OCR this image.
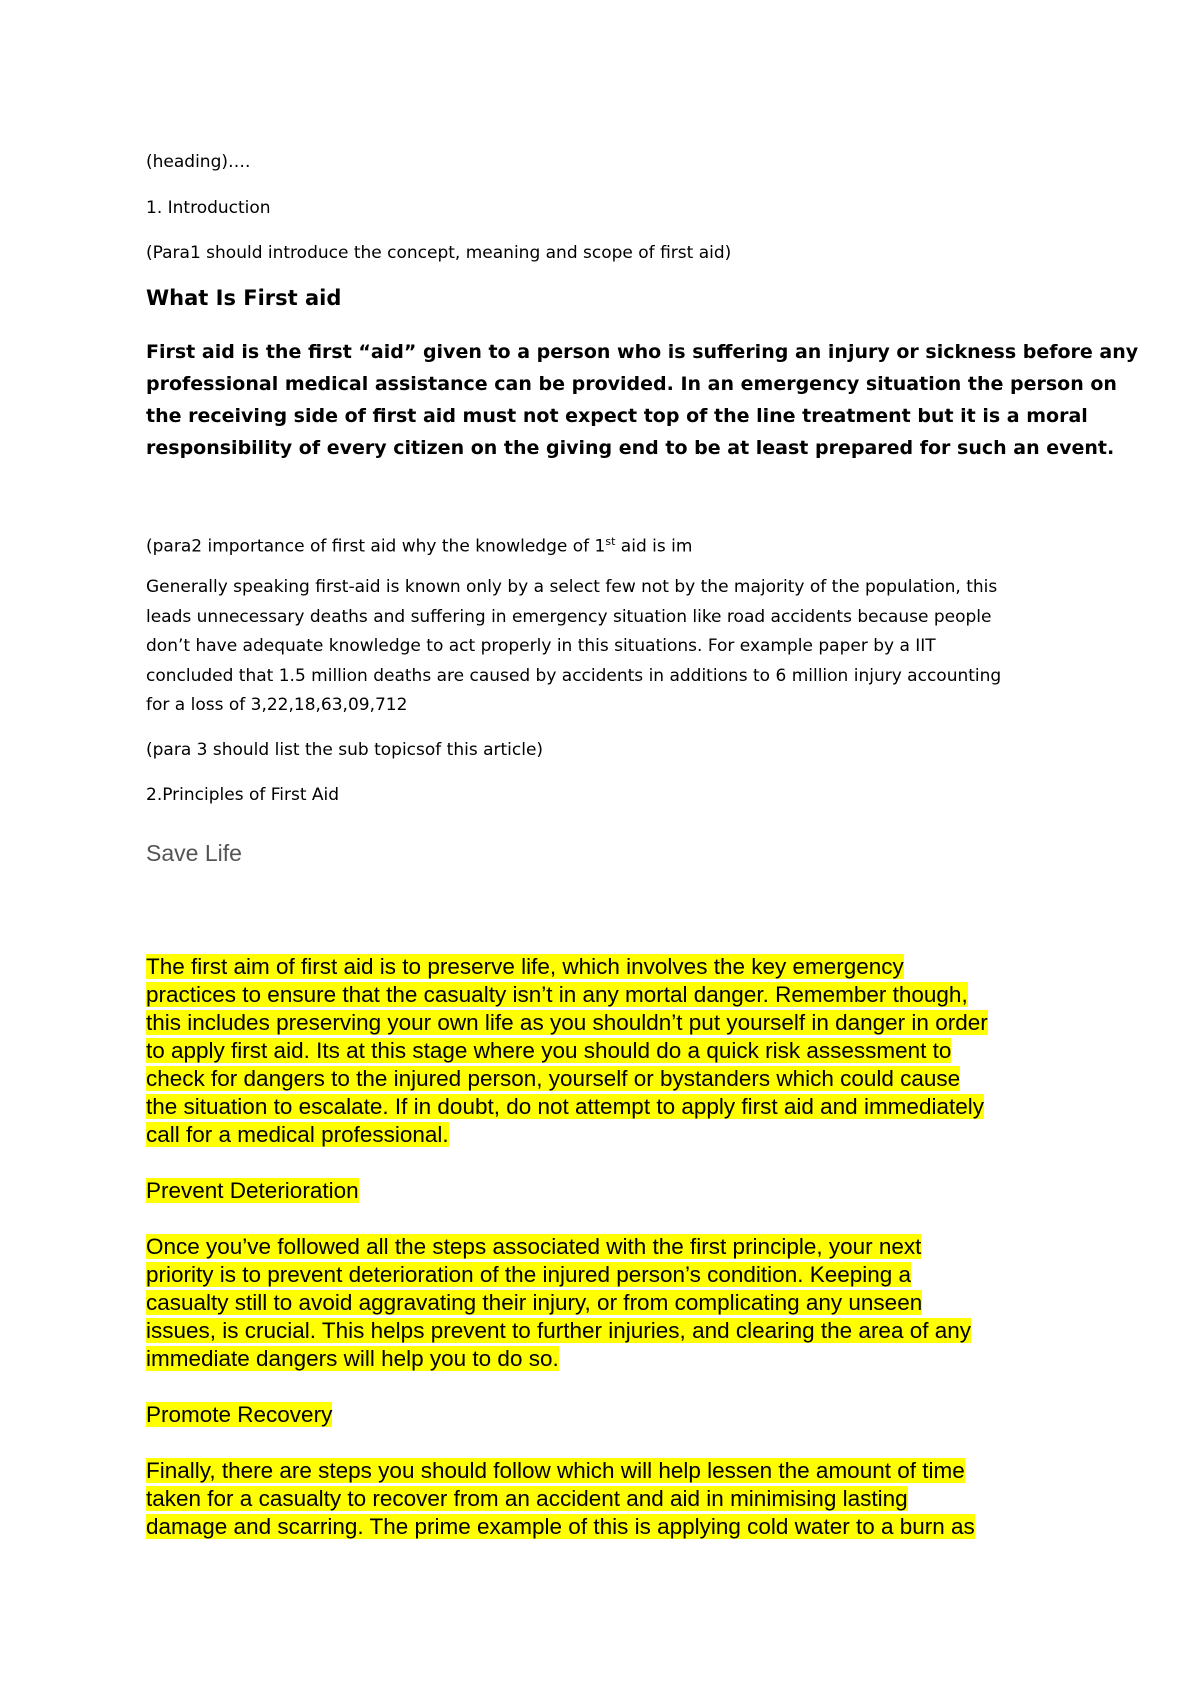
(heading)….
1. Introduction
(Para1 should introduce the concept, meaning and scope of first aid)
What Is First aid
First aid is the first “aid” given to a person who is suffering an injury or sickness before any
professional medical assistance can be provided. In an emergency situation the person on
the receiving side of first aid must not expect top of the line treatment but it is a moral
responsibility of every citizen on the giving end to be at least prepared for such an event.
(para2 importance of first aid why the knowledge of 1st aid is im
Generally speaking first-aid is known only by a select few not by the majority of the population, this
leads unnecessary deaths and suffering in emergency situation like road accidents because people
don’t have adequate knowledge to act properly in this situations. For example paper by a IIT
concluded that 1.5 million deaths are caused by accidents in additions to 6 million injury accounting
for a loss of 3,22,18,63,09,712
(para 3 should list the sub topicsof this article)
2.Principles of First Aid
Save Life
The first aim of first aid is to preserve life, which involves the key emergency
practices to ensure that the casualty isn’t in any mortal danger. Remember though,
this includes preserving your own life as you shouldn’t put yourself in danger in order
to apply first aid. Its at this stage where you should do a quick risk assessment to
check for dangers to the injured person, yourself or bystanders which could cause
the situation to escalate. If in doubt, do not attempt to apply first aid and immediately
call for a medical professional.
Prevent Deterioration
Once you’ve followed all the steps associated with the first principle, your next
priority is to prevent deterioration of the injured person’s condition. Keeping a
casualty still to avoid aggravating their injury, or from complicating any unseen
issues, is crucial. This helps prevent to further injuries, and clearing the area of any
immediate dangers will help you to do so.
Promote Recovery
Finally, there are steps you should follow which will help lessen the amount of time
taken for a casualty to recover from an accident and aid in minimising lasting
damage and scarring. The prime example of this is applying cold water to a burn as
